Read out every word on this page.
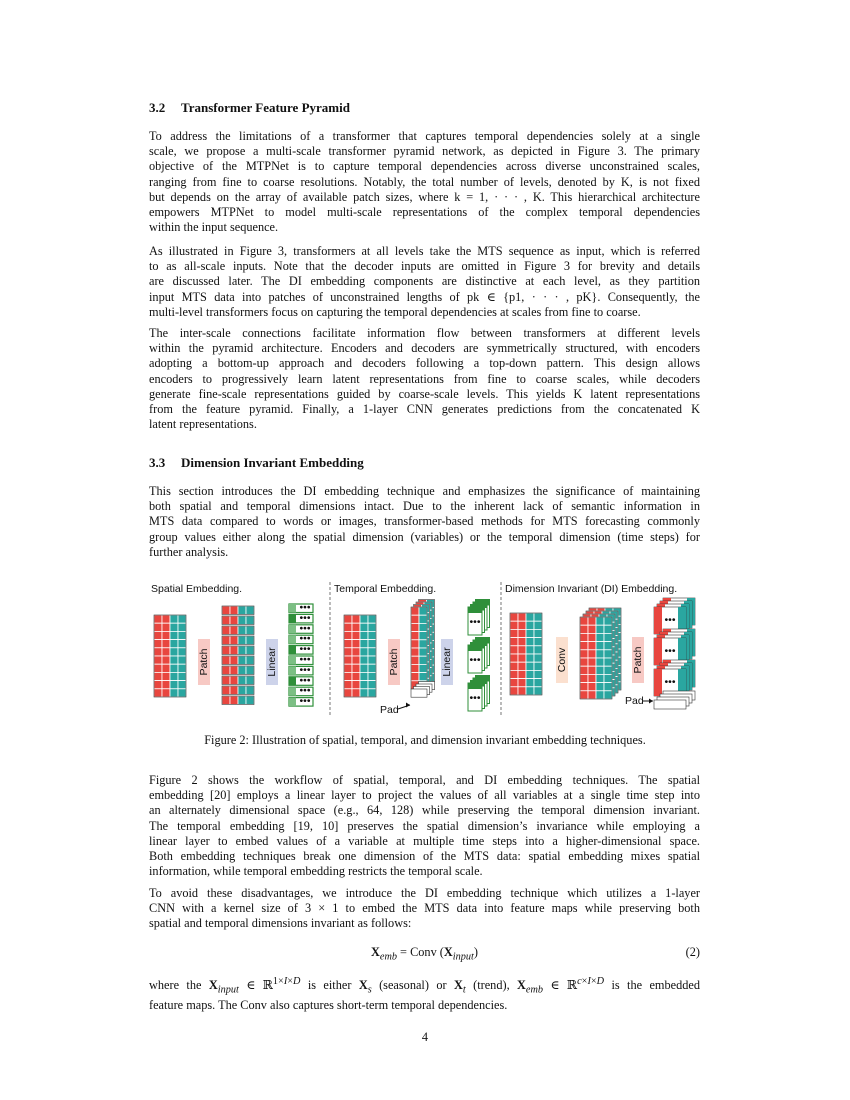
3.2 Transformer Feature Pyramid
To address the limitations of a transformer that captures temporal dependencies solely at a single
scale, we propose a multi-scale transformer pyramid network, as depicted in Figure 3. The primary
objective of the MTPNet is to capture temporal dependencies across diverse unconstrained scales,
ranging from fine to coarse resolutions. Notably, the total number of levels, denoted by K, is not fixed
but depends on the array of available patch sizes, where k = 1, · · · , K. This hierarchical architecture
empowers MTPNet to model multi-scale representations of the complex temporal dependencies
within the input sequence.
As illustrated in Figure 3, transformers at all levels take the MTS sequence as input, which is referred
to as all-scale inputs. Note that the decoder inputs are omitted in Figure 3 for brevity and details
are discussed later. The DI embedding components are distinctive at each level, as they partition
input MTS data into patches of unconstrained lengths of pk ∈ {p1, · · · , pK}. Consequently, the
multi-level transformers focus on capturing the temporal dependencies at scales from fine to coarse.
The inter-scale connections facilitate information flow between transformers at different levels
within the pyramid architecture. Encoders and decoders are symmetrically structured, with encoders
adopting a bottom-up approach and decoders following a top-down pattern. This design allows
encoders to progressively learn latent representations from fine to coarse scales, while decoders
generate fine-scale representations guided by coarse-scale levels. This yields K latent representations
from the feature pyramid. Finally, a 1-layer CNN generates predictions from the concatenated K
latent representations.
3.3 Dimension Invariant Embedding
This section introduces the DI embedding technique and emphasizes the significance of maintaining
both spatial and temporal dimensions intact. Due to the inherent lack of semantic information in
MTS data compared to words or images, transformer-based methods for MTS forecasting commonly
group values either along the spatial dimension (variables) or the temporal dimension (time steps) for
further analysis.
Spatial Embedding.	Temporal Embedding.	Dimension Invariant (DI) Embedding.
Patch	Linear
•••
•••
•••
•••
•••
•••
•••
•••
•••
•••
Patch
Pad
Linear
•••
•••
•••
Conv	Patch
•••
•••
•••
Pad
Figure 2: Illustration of spatial, temporal, and dimension invariant embedding techniques.
Figure 2 shows the workflow of spatial, temporal, and DI embedding techniques. The spatial
embedding [20] employs a linear layer to project the values of all variables at a single time step into
an alternately dimensional space (e.g., 64, 128) while preserving the temporal dimension invariant.
The temporal embedding [19, 10] preserves the spatial dimension’s invariance while employing a
linear layer to embed values of a variable at multiple time steps into a higher-dimensional space.
Both embedding techniques break one dimension of the MTS data: spatial embedding mixes spatial
information, while temporal embedding restricts the temporal scale.
To avoid these disadvantages, we introduce the DI embedding technique which utilizes a 1-layer
CNN with a kernel size of 3 × 1 to embed the MTS data into feature maps while preserving both
spatial and temporal dimensions invariant as follows:
$X_{emb}$ = Conv $(X_{input})$	(2)
where the $X_{input}$ ∈ ℝ$^{1\times I\times D}$ is either $X_s$ (seasonal) or $X_t$ (trend), $X_{emb}$ ∈ ℝ$^{c\times I\times D}$ is the embedded
feature maps. The Conv also captures short-term temporal dependencies.
4
